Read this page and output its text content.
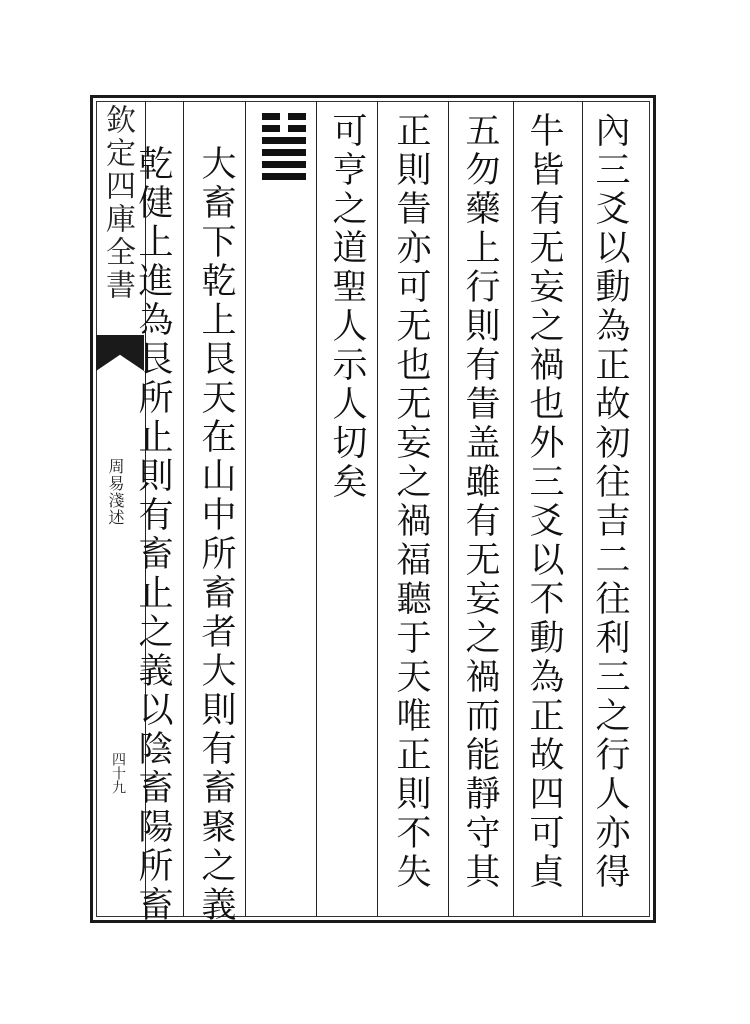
欽定四庫全書
周易淺述
四十九	內三爻以動為正故初往吉二往利三之行人亦得
牛皆有无妄之禍也外三爻以不動為正故四可貞
五勿藥上行則有眚盖雖有无妄之禍而能靜守其
正則眚亦可无也无妄之禍福聽于天唯正則不失
可亨之道聖人示人切矣
大畜下乾上艮天在山中所畜者大則有畜聚之義
乾健上進為艮所止則有畜止之義以陰畜陽所畜
